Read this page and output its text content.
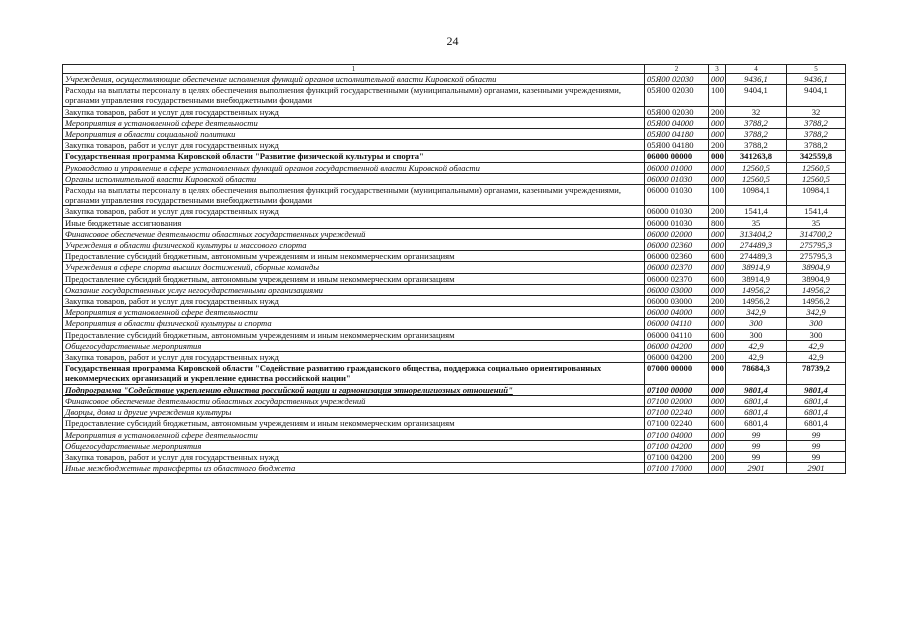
24
1	2	3	4	5
Учреждения, осуществляющие обеспечение исполнения функций органов исполнительной власти Кировской области	05Я00 02030	000	9436,1	9436,1
Расходы на выплаты персоналу в целях обеспечения выполнения функций государственными (муниципальными) органами, казенными учреждениями, органами управления государственными внебюджетными фондами	05Я00 02030	100	9404,1	9404,1
Закупка товаров, работ и услуг для государственных нужд	05Я00 02030	200	32	32
Мероприятия в установленной сфере деятельности	05Я00 04000	000	3788,2	3788,2
Мероприятия в области социальной политики	05Я00 04180	000	3788,2	3788,2
Закупка товаров, работ и услуг для государственных нужд	05Я00 04180	200	3788,2	3788,2
Государственная программа Кировской области "Развитие физической культуры и спорта"	06000 00000	000	341263,8	342559,8
Руководство и управление в сфере установленных функций органов государственной власти Кировской области	06000 01000	000	12560,5	12560,5
Органы исполнительной власти Кировской области	06000 01030	000	12560,5	12560,5
Расходы на выплаты персоналу в целях обеспечения выполнения функций государственными (муниципальными) органами, казенными учреждениями, органами управления государственными внебюджетными фондами	06000 01030	100	10984,1	10984,1
Закупка товаров, работ и услуг для государственных нужд	06000 01030	200	1541,4	1541,4
Иные бюджетные ассигнования	06000 01030	800	35	35
Финансовое обеспечение деятельности областных государственных учреждений	06000 02000	000	313404,2	314700,2
Учреждения в области физической культуры и массового спорта	06000 02360	000	274489,3	275795,3
Предоставление субсидий бюджетным, автономным учреждениям и иным некоммерческим организациям	06000 02360	600	274489,3	275795,3
Учреждения в сфере спорта высших достижений, сборные команды	06000 02370	000	38914,9	38904,9
Предоставление субсидий бюджетным, автономным учреждениям и иным некоммерческим организациям	06000 02370	600	38914,9	38904,9
Оказание государственных услуг негосударственными организациями	06000 03000	000	14956,2	14956,2
Закупка товаров, работ и услуг для государственных нужд	06000 03000	200	14956,2	14956,2
Мероприятия в установленной сфере деятельности	06000 04000	000	342,9	342,9
Мероприятия в области физической культуры и спорта	06000 04110	000	300	300
Предоставление субсидий бюджетным, автономным учреждениям и иным некоммерческим организациям	06000 04110	600	300	300
Общегосударственные мероприятия	06000 04200	000	42,9	42,9
Закупка товаров, работ и услуг для государственных нужд	06000 04200	200	42,9	42,9
Государственная программа Кировской области "Содействие развитию гражданского общества, поддержка социально ориентированных некоммерческих организаций и укрепление единства российской нации"	07000 00000	000	78684,3	78739,2
Подпрограмма "Содействие укреплению единства российской нации и гармонизация этнорелигиозных отношений"	07100 00000	000	9801,4	9801,4
Финансовое обеспечение деятельности областных государственных учреждений	07100 02000	000	6801,4	6801,4
Дворцы, дома и другие учреждения культуры	07100 02240	000	6801,4	6801,4
Предоставление субсидий бюджетным, автономным учреждениям и иным некоммерческим организациям	07100 02240	600	6801,4	6801,4
Мероприятия в установленной сфере деятельности	07100 04000	000	99	99
Общегосударственные мероприятия	07100 04200	000	99	99
Закупка товаров, работ и услуг для государственных нужд	07100 04200	200	99	99
Иные межбюджетные трансферты из областного бюджета	07100 17000	000	2901	2901
